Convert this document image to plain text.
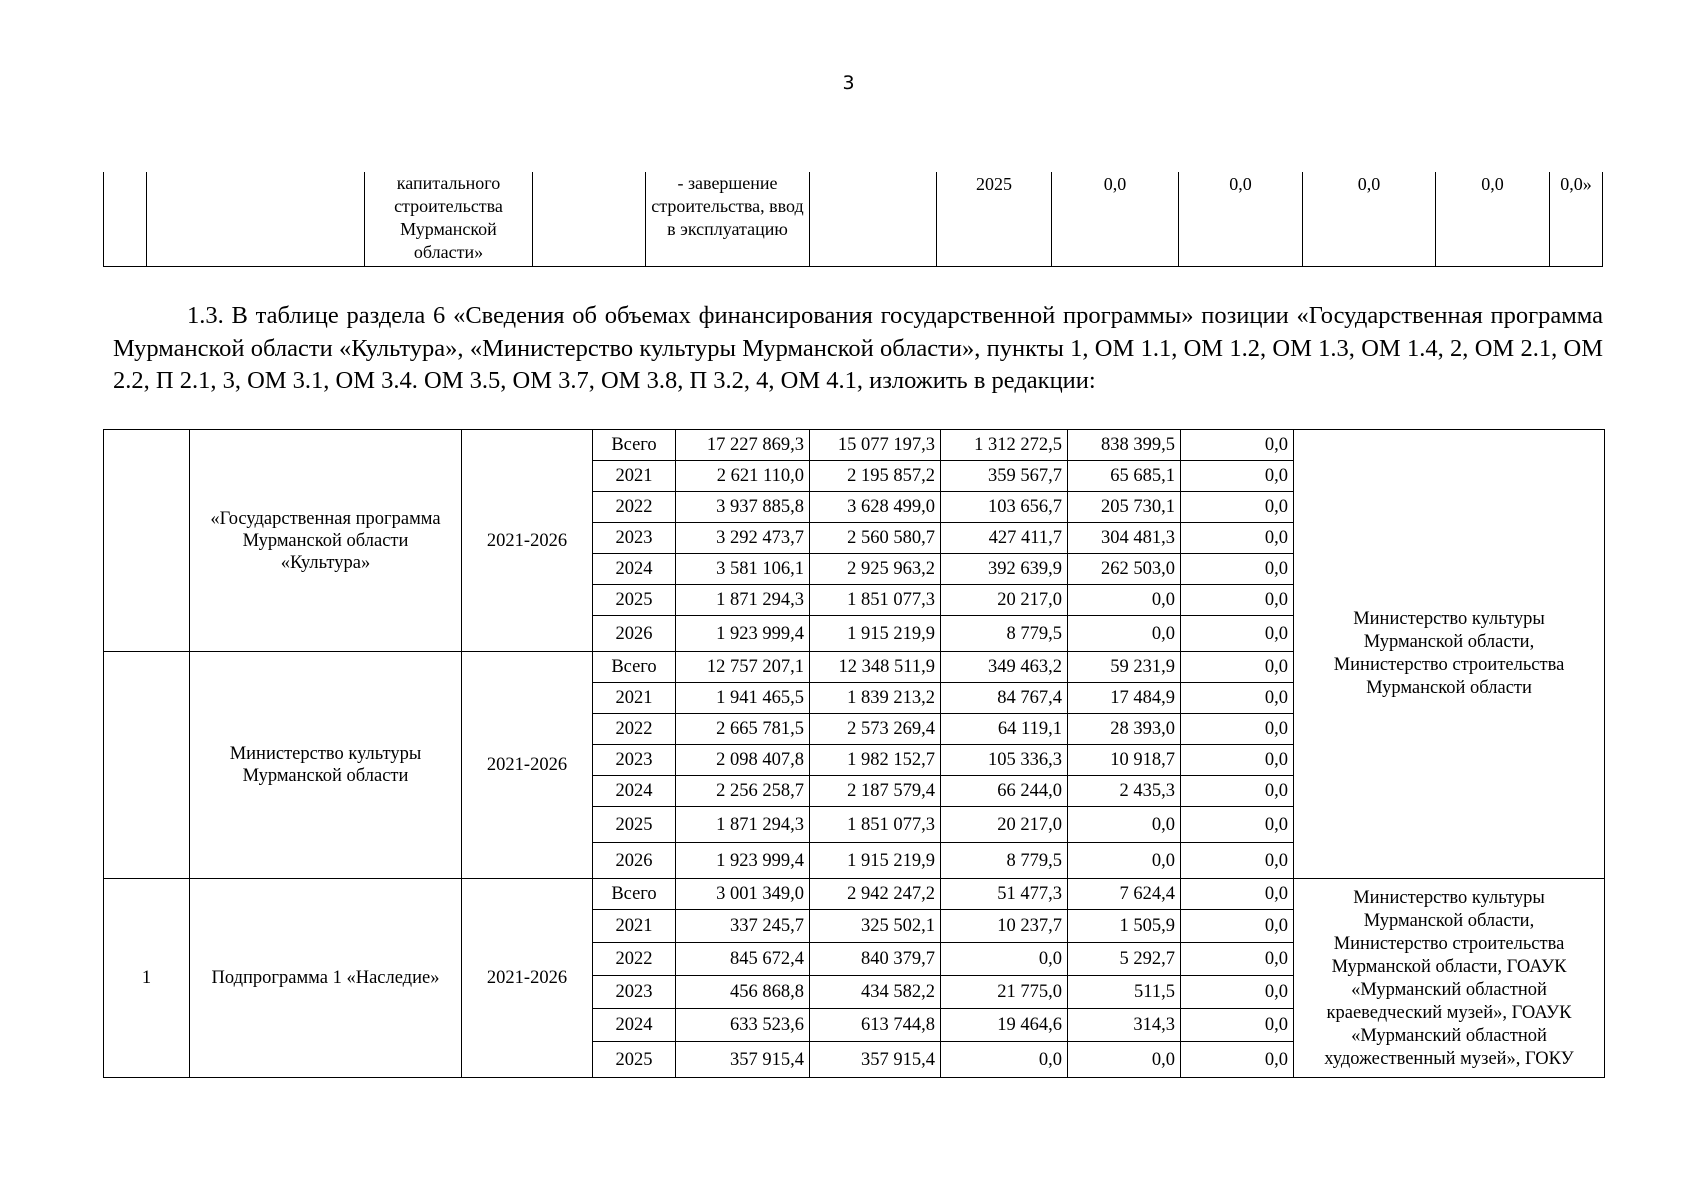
3
		капитального строительства Мурманской области»		- завершение строительства, ввод в эксплуатацию		2025	0,0	0,0	0,0	0,0	0,0»

1.3. В таблице раздела 6 «Сведения об объемах финансирования государственной программы» позиции «Государственная программа Мурманской области «Культура», «Министерство культуры Мурманской области», пункты 1, ОМ 1.1, ОМ 1.2, ОМ 1.3, ОМ 1.4, 2, ОМ 2.1, ОМ 2.2, П 2.1, 3, ОМ 3.1, ОМ 3.4. ОМ 3.5, ОМ 3.7, ОМ 3.8, П 3.2, 4, ОМ 4.1, изложить в редакции:

	«Государственная программа Мурманской области «Культура»	2021-2026	Всего	17 227 869,3	15 077 197,3	1 312 272,5	838 399,5	0,0	Министерство культуры Мурманской области, Министерство строительства Мурманской области
			2021	2 621 110,0	2 195 857,2	359 567,7	65 685,1	0,0	
			2022	3 937 885,8	3 628 499,0	103 656,7	205 730,1	0,0	
			2023	3 292 473,7	2 560 580,7	427 411,7	304 481,3	0,0	
			2024	3 581 106,1	2 925 963,2	392 639,9	262 503,0	0,0	
			2025	1 871 294,3	1 851 077,3	20 217,0	0,0	0,0	
			2026	1 923 999,4	1 915 219,9	8 779,5	0,0	0,0	
	Министерство культуры Мурманской области	2021-2026	Всего	12 757 207,1	12 348 511,9	349 463,2	59 231,9	0,0	
			2021	1 941 465,5	1 839 213,2	84 767,4	17 484,9	0,0	
			2022	2 665 781,5	2 573 269,4	64 119,1	28 393,0	0,0	
			2023	2 098 407,8	1 982 152,7	105 336,3	10 918,7	0,0	
			2024	2 256 258,7	2 187 579,4	66 244,0	2 435,3	0,0	
			2025	1 871 294,3	1 851 077,3	20 217,0	0,0	0,0	
			2026	1 923 999,4	1 915 219,9	8 779,5	0,0	0,0	
1	Подпрограмма 1 «Наследие»	2021-2026	Всего	3 001 349,0	2 942 247,2	51 477,3	7 624,4	0,0	Министерство культуры Мурманской области, Министерство строительства Мурманской области, ГОАУК «Мурманский областной краеведческий музей», ГОАУК «Мурманский областной художественный музей», ГОКУ
			2021	337 245,7	325 502,1	10 237,7	1 505,9	0,0	
			2022	845 672,4	840 379,7	0,0	5 292,7	0,0	
			2023	456 868,8	434 582,2	21 775,0	511,5	0,0	
			2024	633 523,6	613 744,8	19 464,6	314,3	0,0	
			2025	357 915,4	357 915,4	0,0	0,0	0,0	
